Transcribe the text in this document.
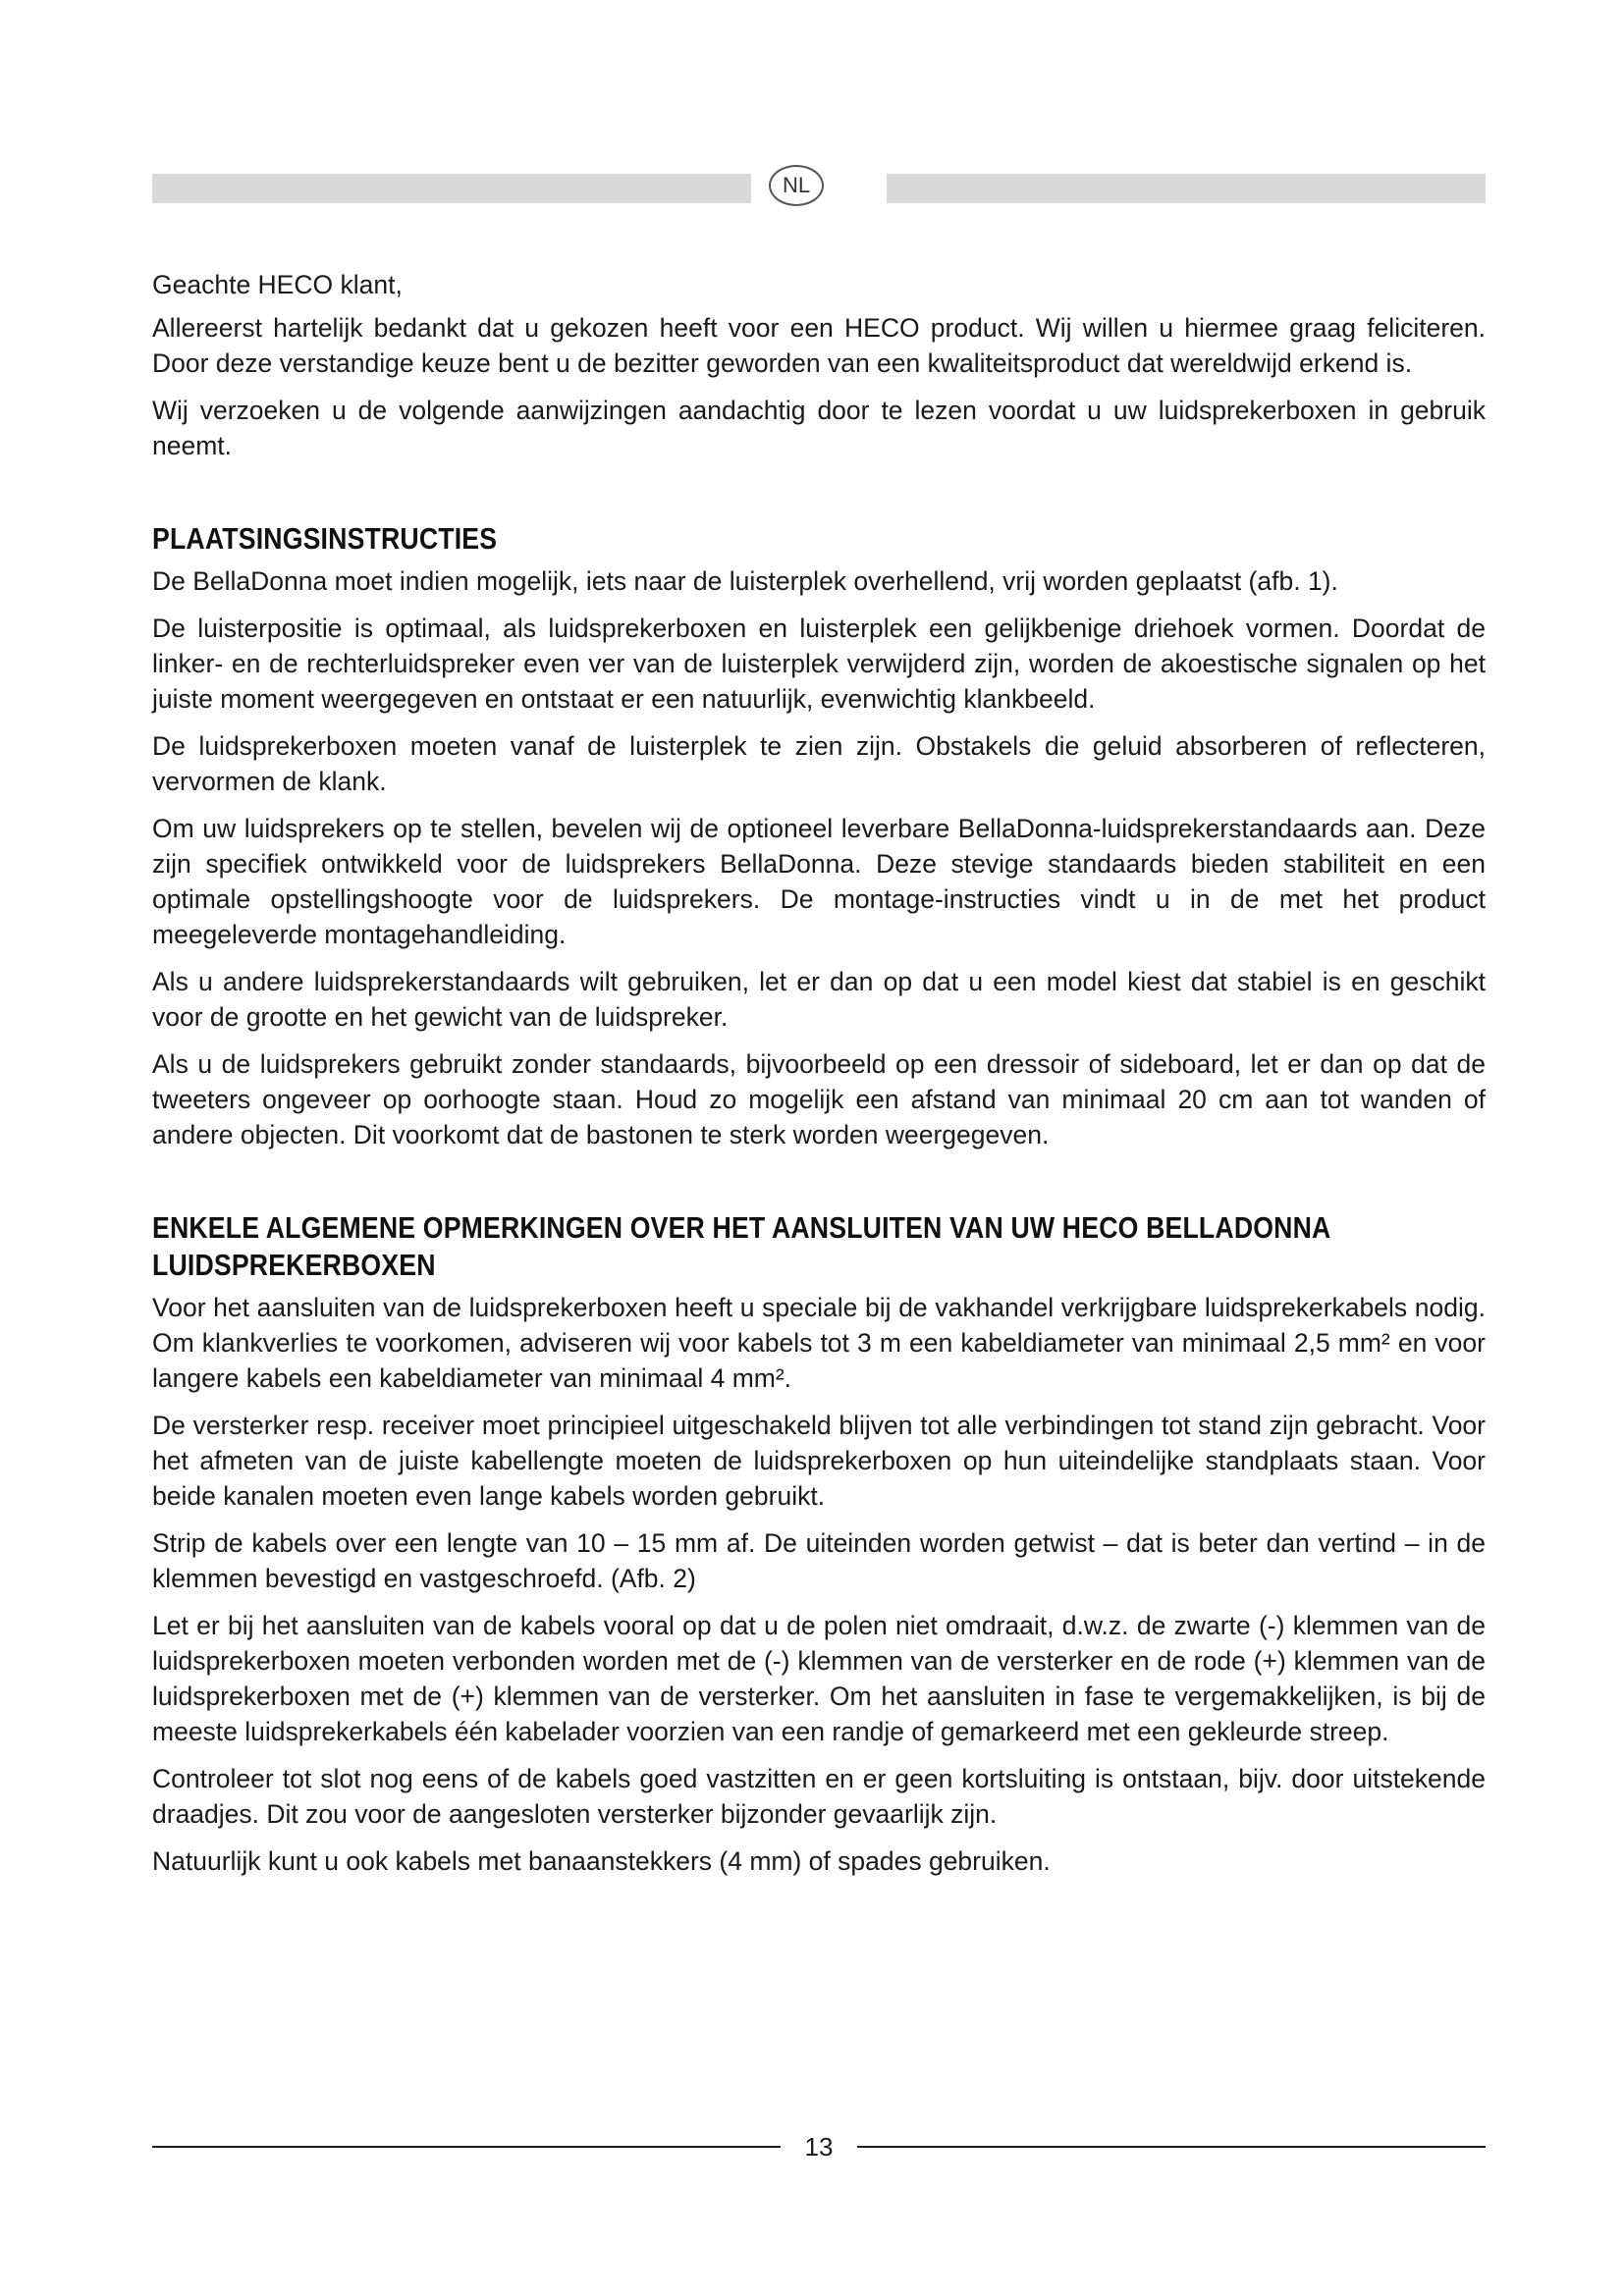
NL

Geachte HECO klant,

Allereerst hartelijk bedankt dat u gekozen heeft voor een HECO product. Wij willen u hiermee graag feliciteren. Door deze verstandige keuze bent u de bezitter geworden van een kwaliteitsproduct dat wereldwijd erkend is.

Wij verzoeken u de volgende aanwijzingen aandachtig door te lezen voordat u uw luidsprekerboxen in gebruik neemt.

PLAATSINGSINSTRUCTIES

De BellaDonna moet indien mogelijk, iets naar de luisterplek overhellend, vrij worden geplaatst (afb. 1).

De luisterpositie is optimaal, als luidsprekerboxen en luisterplek een gelijkbenige driehoek vormen. Doordat de linker- en de rechterluidspreker even ver van de luisterplek verwijderd zijn, worden de akoestische signalen op het juiste moment weergegeven en ontstaat er een natuurlijk, evenwichtig klankbeeld.

De luidsprekerboxen moeten vanaf de luisterplek te zien zijn. Obstakels die geluid absorberen of reflecteren, vervormen de klank.

Om uw luidsprekers op te stellen, bevelen wij de optioneel leverbare BellaDonna-luidsprekerstandaards aan. Deze zijn specifiek ontwikkeld voor de luidsprekers BellaDonna. Deze stevige standaards bieden stabiliteit en een optimale opstellingshoogte voor de luidsprekers. De montage-instructies vindt u in de met het product meegeleverde montagehandleiding.

Als u andere luidsprekerstandaards wilt gebruiken, let er dan op dat u een model kiest dat stabiel is en geschikt voor de grootte en het gewicht van de luidspreker.

Als u de luidsprekers gebruikt zonder standaards, bijvoorbeeld op een dressoir of sideboard, let er dan op dat de tweeters ongeveer op oorhoogte staan. Houd zo mogelijk een afstand van minimaal 20 cm aan tot wanden of andere objecten. Dit voorkomt dat de bastonen te sterk worden weergegeven.

ENKELE ALGEMENE OPMERKINGEN OVER HET AANSLUITEN VAN UW HECO BELLADONNA LUIDSPREKERBOXEN

Voor het aansluiten van de luidsprekerboxen heeft u speciale bij de vakhandel verkrijgbare luidsprekerkabels nodig. Om klankverlies te voorkomen, adviseren wij voor kabels tot 3 m een kabeldiameter van minimaal 2,5 mm² en voor langere kabels een kabeldiameter van minimaal 4 mm².

De versterker resp. receiver moet principieel uitgeschakeld blijven tot alle verbindingen tot stand zijn gebracht. Voor het afmeten van de juiste kabellengte moeten de luidsprekerboxen op hun uiteindelijke standplaats staan. Voor beide kanalen moeten even lange kabels worden gebruikt.

Strip de kabels over een lengte van 10 – 15 mm af. De uiteinden worden getwist – dat is beter dan vertind – in de klemmen bevestigd en vastgeschroefd. (Afb. 2)

Let er bij het aansluiten van de kabels vooral op dat u de polen niet omdraait, d.w.z. de zwarte (-) klemmen van de luidsprekerboxen moeten verbonden worden met de (-) klemmen van de versterker en de rode (+) klemmen van de luidsprekerboxen met de (+) klemmen van de versterker. Om het aansluiten in fase te vergemakkelijken, is bij de meeste luidsprekerkabels één kabelader voorzien van een randje of gemarkeerd met een gekleurde streep.

Controleer tot slot nog eens of de kabels goed vastzitten en er geen kortsluiting is ontstaan, bijv. door uitstekende draadjes. Dit zou voor de aangesloten versterker bijzonder gevaarlijk zijn.

Natuurlijk kunt u ook kabels met banaanstekkers (4 mm) of spades gebruiken.

13
